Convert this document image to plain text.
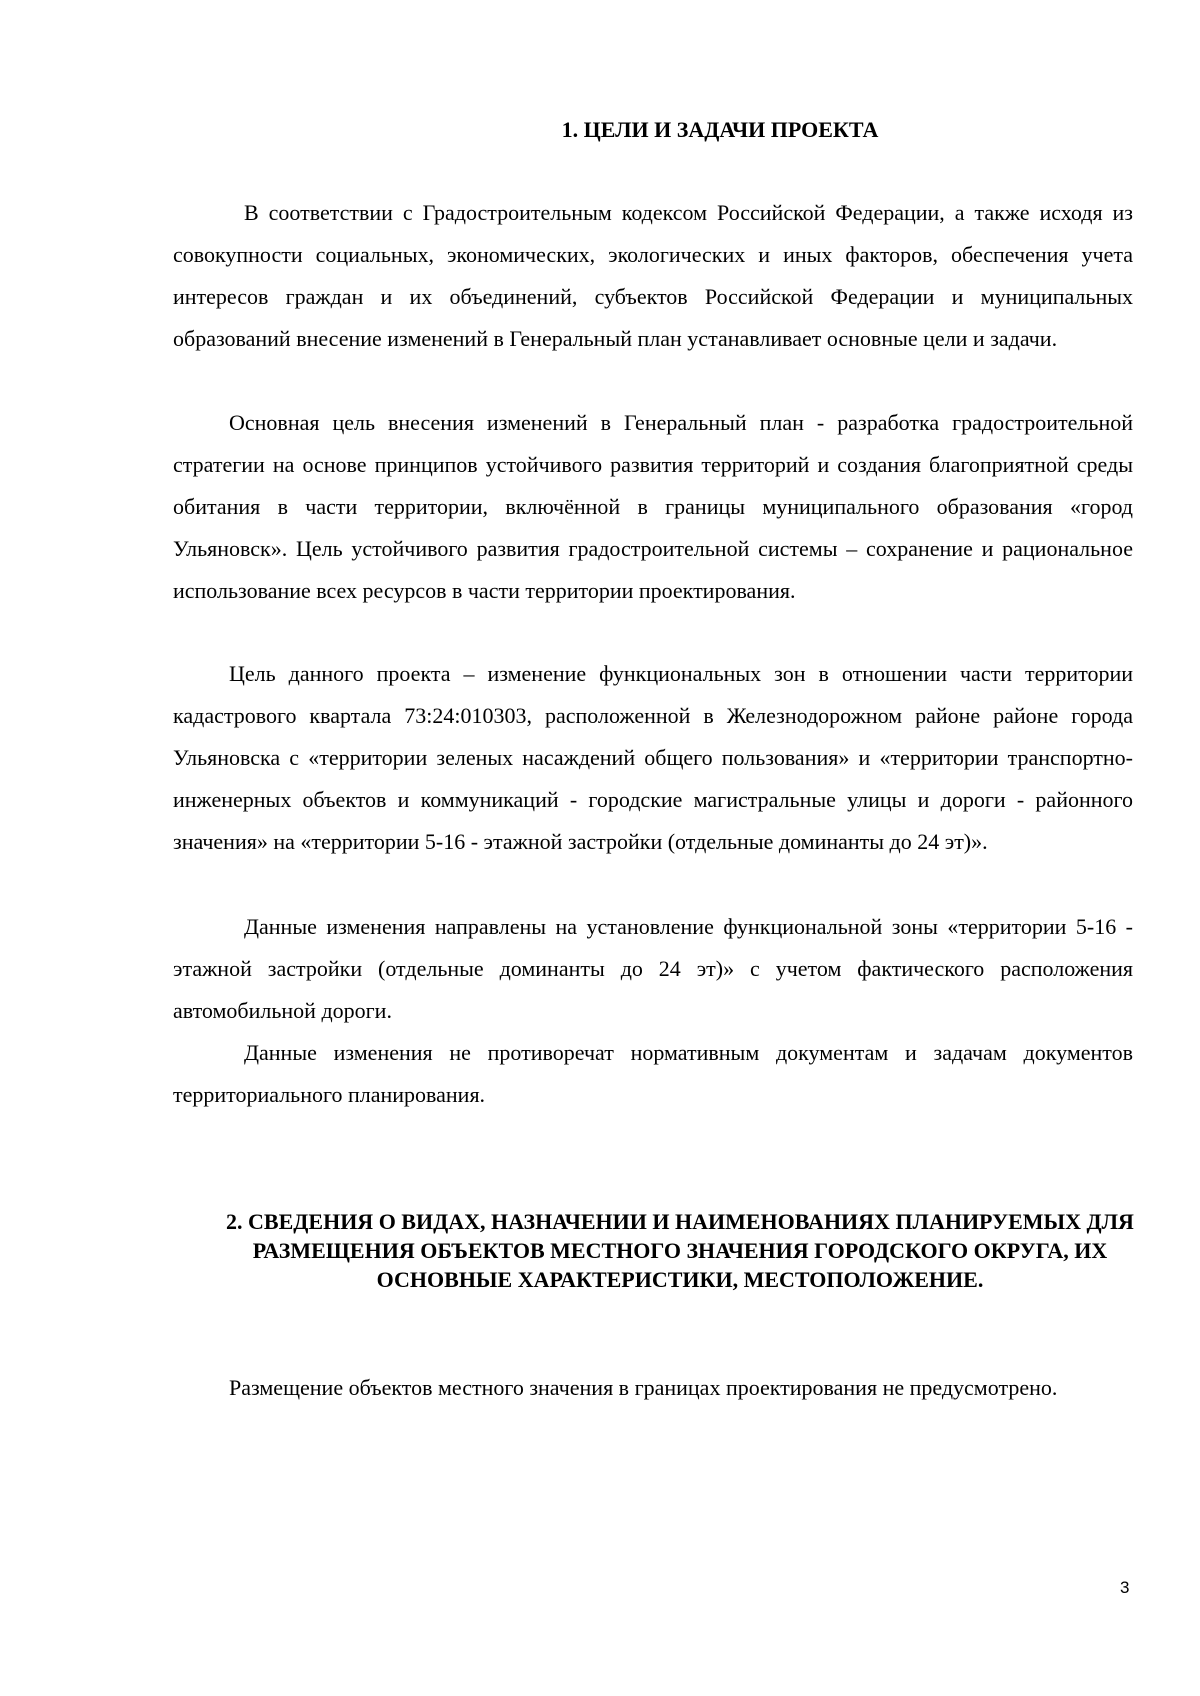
1. ЦЕЛИ И ЗАДАЧИ ПРОЕКТА

В соответствии с Градостроительным кодексом Российской Федерации, а также исходя из совокупности социальных, экономических, экологических и иных факторов, обеспечения учета интересов граждан и их объединений, субъектов Российской Федерации и муниципальных образований внесение изменений в Генеральный план устанавливает основные цели и задачи.

Основная цель внесения изменений в Генеральный план - разработка градостроительной стратегии на основе принципов устойчивого развития территорий и создания благоприятной среды обитания в части территории, включённой в границы муниципального образования «город Ульяновск». Цель устойчивого развития градостроительной системы – сохранение и рациональное использование всех ресурсов в части территории проектирования.

Цель данного проекта – изменение функциональных зон в отношении части территории кадастрового квартала 73:24:010303, расположенной в Железнодорожном районе районе города Ульяновска с «территории зеленых насаждений общего пользования» и «территории транспортно-инженерных объектов и коммуникаций - городские магистральные улицы и дороги - районного значения» на «территории 5-16 - этажной застройки (отдельные доминанты до 24 эт)».

Данные изменения направлены на установление функциональной зоны «территории 5-16 - этажной застройки (отдельные доминанты до 24 эт)» с учетом фактического расположения автомобильной дороги.

Данные изменения не противоречат нормативным документам и задачам документов территориального планирования.

2. СВЕДЕНИЯ О ВИДАХ, НАЗНАЧЕНИИ И НАИМЕНОВАНИЯХ ПЛАНИРУЕМЫХ ДЛЯ РАЗМЕЩЕНИЯ ОБЪЕКТОВ МЕСТНОГО ЗНАЧЕНИЯ ГОРОДСКОГО ОКРУГА, ИХ ОСНОВНЫЕ ХАРАКТЕРИСТИКИ, МЕСТОПОЛОЖЕНИЕ.

Размещение объектов местного значения в границах проектирования не предусмотрено.

3
